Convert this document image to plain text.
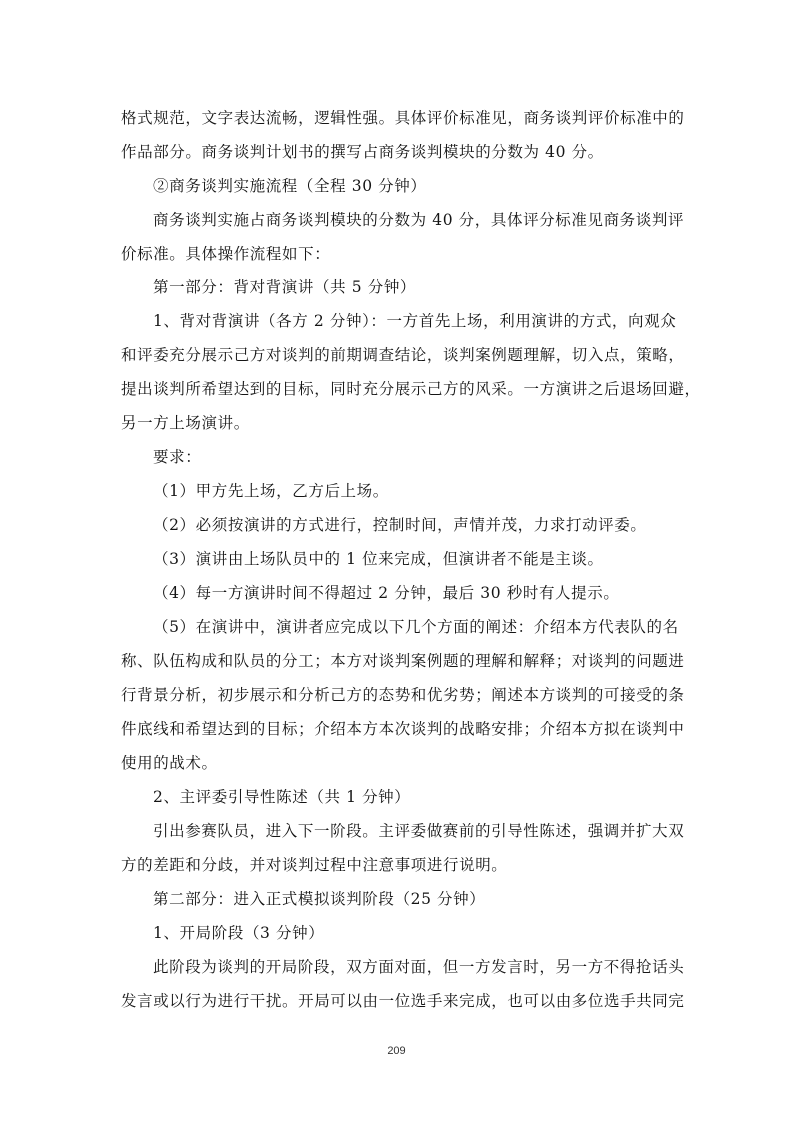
格式规范，文字表达流畅，逻辑性强。具体评价标准见，商务谈判评价标准中的
作品部分。商务谈判计划书的撰写占商务谈判模块的分数为 40 分。
②商务谈判实施流程（全程 30 分钟）
商务谈判实施占商务谈判模块的分数为 40 分，具体评分标准见商务谈判评
价标准。具体操作流程如下：
第一部分：背对背演讲（共 5 分钟）
1、背对背演讲（各方 2 分钟）：一方首先上场，利用演讲的方式，向观众
和评委充分展示己方对谈判的前期调查结论，谈判案例题理解，切入点，策略，
提出谈判所希望达到的目标，同时充分展示己方的风采。一方演讲之后退场回避，
另一方上场演讲。
要求：
（1）甲方先上场，乙方后上场。
（2）必须按演讲的方式进行，控制时间，声情并茂，力求打动评委。
（3）演讲由上场队员中的 1 位来完成，但演讲者不能是主谈。
（4）每一方演讲时间不得超过 2 分钟，最后 30 秒时有人提示。
（5）在演讲中，演讲者应完成以下几个方面的阐述：介绍本方代表队的名
称、队伍构成和队员的分工；本方对谈判案例题的理解和解释；对谈判的问题进
行背景分析，初步展示和分析己方的态势和优劣势；阐述本方谈判的可接受的条
件底线和希望达到的目标；介绍本方本次谈判的战略安排；介绍本方拟在谈判中
使用的战术。
2、主评委引导性陈述（共 1 分钟）
引出参赛队员，进入下一阶段。主评委做赛前的引导性陈述，强调并扩大双
方的差距和分歧，并对谈判过程中注意事项进行说明。
第二部分：进入正式模拟谈判阶段（25 分钟）
1、开局阶段（3 分钟）
此阶段为谈判的开局阶段，双方面对面，但一方发言时，另一方不得抢话头
发言或以行为进行干扰。开局可以由一位选手来完成，也可以由多位选手共同完
209
